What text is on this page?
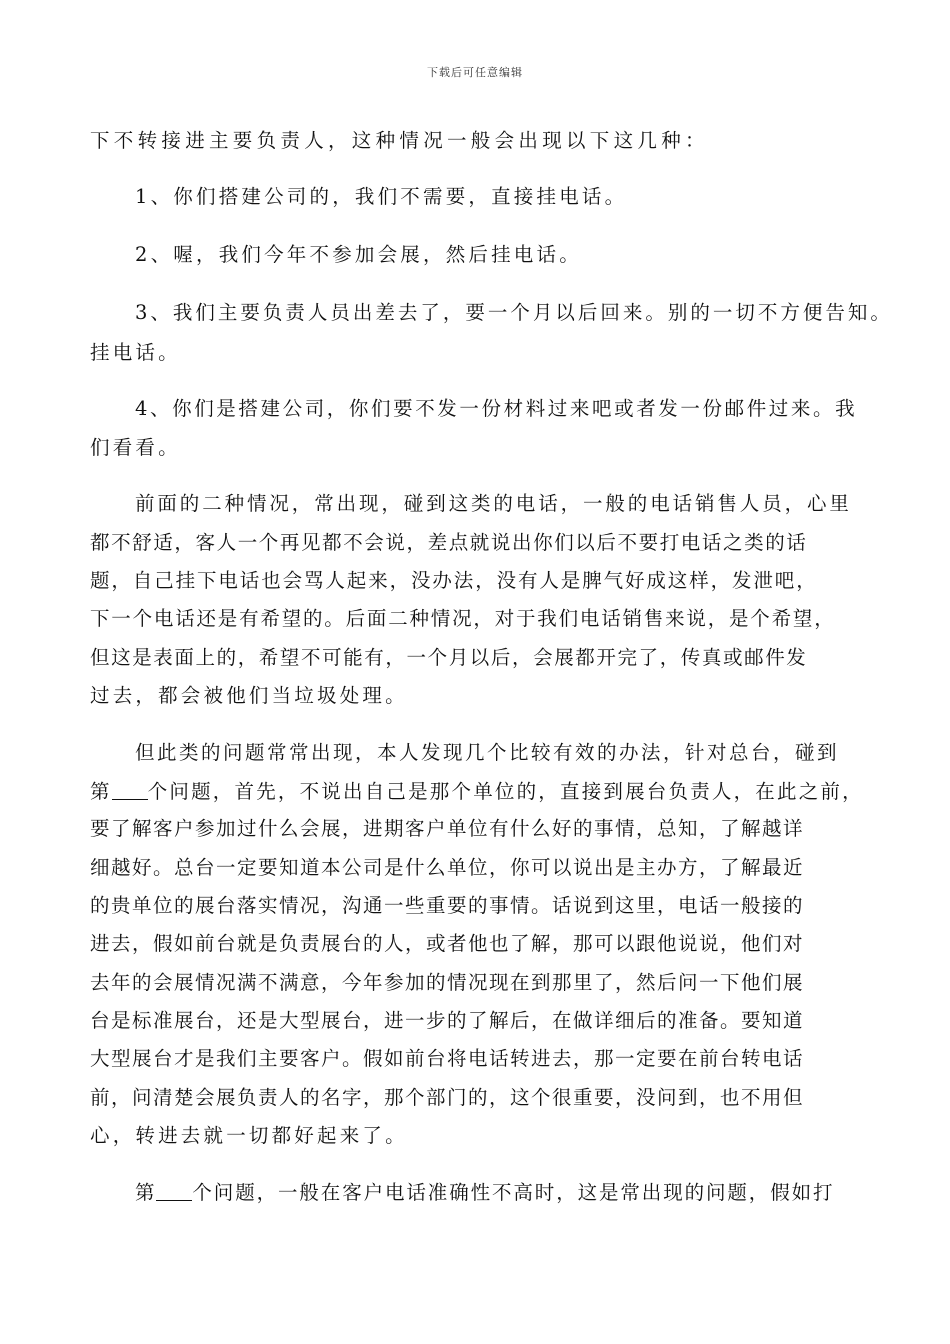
下载后可任意编辑
下不转接进主要负责人，这种情况一般会出现以下这几种：
1、你们搭建公司的，我们不需要，直接挂电话。
2、喔，我们今年不参加会展，然后挂电话。
3、我们主要负责人员出差去了，要一个月以后回来。别的一切不方便告知。
挂电话。
4、你们是搭建公司，你们要不发一份材料过来吧或者发一份邮件过来。我
们看看。
前面的二种情况，常出现，碰到这类的电话，一般的电话销售人员，心里
都不舒适，客人一个再见都不会说，差点就说出你们以后不要打电话之类的话
题，自己挂下电话也会骂人起来，没办法，没有人是脾气好成这样，发泄吧，
下一个电话还是有希望的。后面二种情况，对于我们电话销售来说，是个希望，
但这是表面上的，希望不可能有，一个月以后，会展都开完了，传真或邮件发
过去，都会被他们当垃圾处理。
但此类的问题常常出现，本人发现几个比较有效的办法，针对总台，碰到
第 个问题，首先，不说出自己是那个单位的，直接到展台负责人，在此之前，
要了解客户参加过什么会展，进期客户单位有什么好的事情，总知，了解越详
细越好。总台一定要知道本公司是什么单位，你可以说出是主办方，了解最近
的贵单位的展台落实情况，沟通一些重要的事情。话说到这里，电话一般接的
进去，假如前台就是负责展台的人，或者他也了解，那可以跟他说说，他们对
去年的会展情况满不满意，今年参加的情况现在到那里了，然后问一下他们展
台是标准展台，还是大型展台，进一步的了解后，在做详细后的准备。要知道
大型展台才是我们主要客户。假如前台将电话转进去，那一定要在前台转电话
前，问清楚会展负责人的名字，那个部门的，这个很重要，没问到，也不用但
心，转进去就一切都好起来了。
第 个问题，一般在客户电话准确性不高时，这是常出现的问题，假如打
